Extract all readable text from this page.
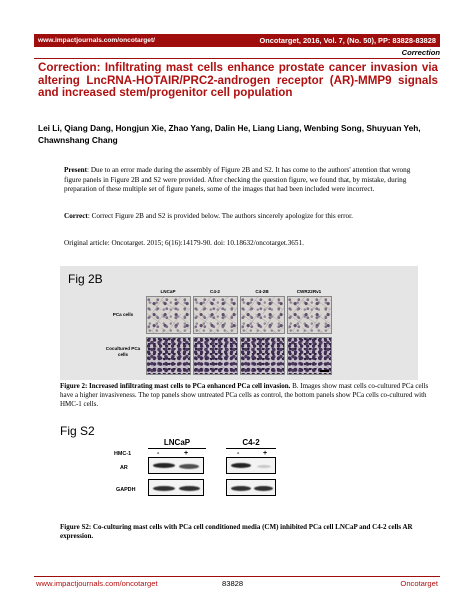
www.impactjournals.com/oncotarget/	Oncotarget, 2016, Vol. 7, (No. 50), PP: 83828-83828
Correction
Correction: Infiltrating mast cells enhance prostate cancer invasion via altering LncRNA-HOTAIR/PRC2-androgen receptor (AR)-MMP9 signals and increased stem/progenitor cell population
Lei Li, Qiang Dang, Hongjun Xie, Zhao Yang, Dalin He, Liang Liang, Wenbing Song, Shuyuan Yeh, Chawnshang Chang
Present: Due to an error made during the assembly of Figure 2B and S2. It has come to the authors' attention that wrong figure panels in Figure 2B and S2 were provided. After checking the question figure, we found that, by mistake, during preparation of these multiple set of figure panels, some of the images that had been included were incorrect.
Correct: Correct Figure 2B and S2 is provided below. The authors sincerely apologize for this error.
Original article: Oncotarget. 2015; 6(16):14179-90. doi: 10.18632/oncotarget.3651.
Fig 2B
LNCaP	C4-2	C4-2B	CWR22Rv1
PCa cells
Cocultured PCa cells
Figure 2: Increased infiltrating mast cells to PCa enhanced PCa cell invasion. B. Images show mast cells co-cultured PCa cells have a higher invasiveness. The top panels show untreated PCa cells as control, the bottom panels show PCa cells co-cultured with HMC-1 cells.
Fig S2
LNCaP	C4-2
HMC-1	-	+	-	+
AR
GAPDH
Figure S2: Co-culturing mast cells with PCa cell conditioned media (CM) inhibited PCa cell LNCaP and C4-2 cells AR expression.
www.impactjournals.com/oncotarget	83828	Oncotarget
